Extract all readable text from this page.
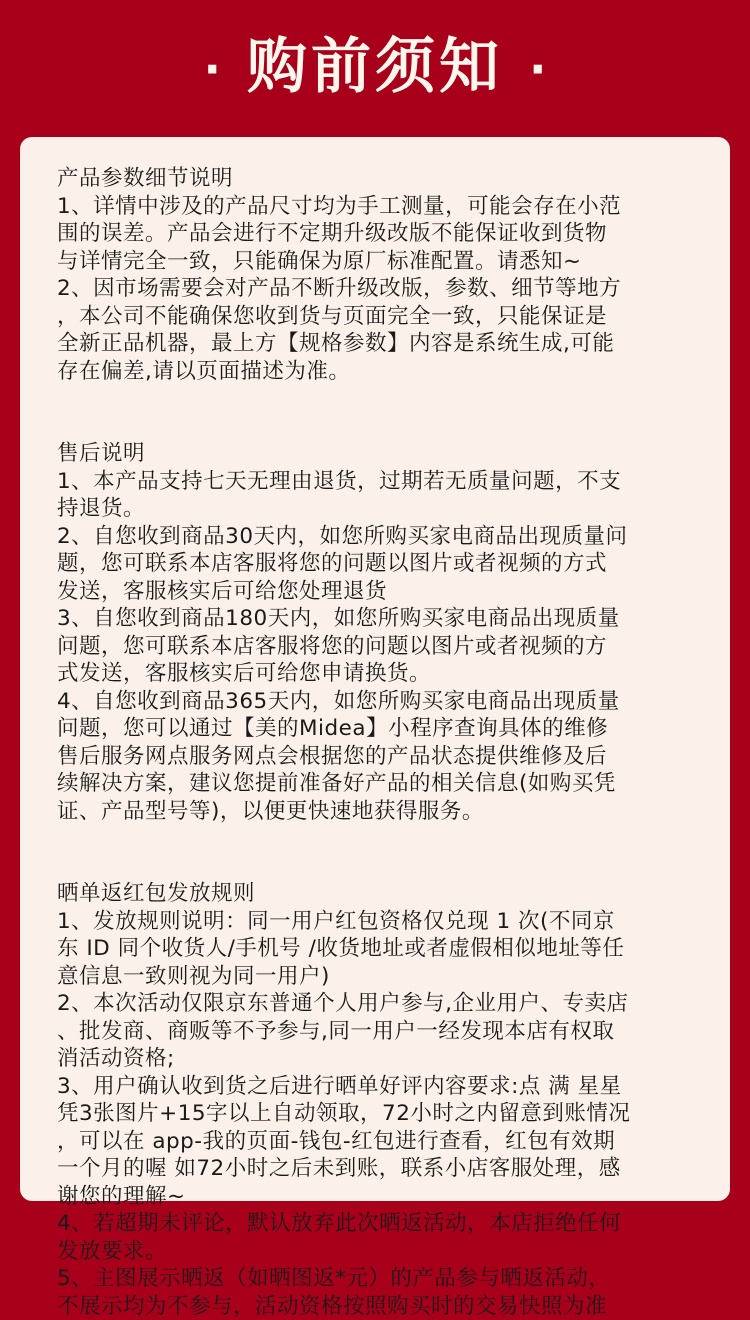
· 购前须知 ·
产品参数细节说明
1、详情中涉及的产品尺寸均为手工测量，可能会存在小范
围的误差。产品会进行不定期升级改版不能保证收到货物
与详情完全一致，只能确保为原厂标准配置。请悉知~
2、因市场需要会对产品不断升级改版，参数、细节等地方
，本公司不能确保您收到货与页面完全一致，只能保证是
全新正品机器，最上方【规格参数】内容是系统生成,可能
存在偏差,请以页面描述为准。
售后说明
1、本产品支持七天无理由退货，过期若无质量问题，不支
持退货。
2、自您收到商品30天内，如您所购买家电商品出现质量问
题，您可联系本店客服将您的问题以图片或者视频的方式
发送，客服核实后可给您处理退货
3、自您收到商品180天内，如您所购买家电商品出现质量
问题，您可联系本店客服将您的问题以图片或者视频的方
式发送，客服核实后可给您申请换货。
4、自您收到商品365天内，如您所购买家电商品出现质量
问题，您可以通过【美的Midea】小程序查询具体的维修
售后服务网点服务网点会根据您的产品状态提供维修及后
续解决方案，建议您提前准备好产品的相关信息(如购买凭
证、产品型号等)，以便更快速地获得服务。
晒单返红包发放规则
1、发放规则说明：同一用户红包资格仅兑现 1 次(不同京
东 ID 同个收货人/手机号 /收货地址或者虚假相似地址等任
意信息一致则视为同一用户)
2、本次活动仅限京东普通个人用户参与,企业用户、专卖店
、批发商、商贩等不予参与,同一用户一经发现本店有权取
消活动资格;
3、用户确认收到货之后进行晒单好评内容要求:点 满 星星
凭3张图片+15字以上自动领取，72小时之内留意到账情况
，可以在 app-我的页面-钱包-红包进行查看，红包有效期
一个月的喔 如72小时之后未到账，联系小店客服处理，感
谢您的理解~
4、若超期未评论，默认放弃此次晒返活动，本店拒绝任何
发放要求。
5、主图展示晒返（如晒图返*元）的产品参与晒返活动，
不展示均为不参与，活动资格按照购买时的交易快照为准
